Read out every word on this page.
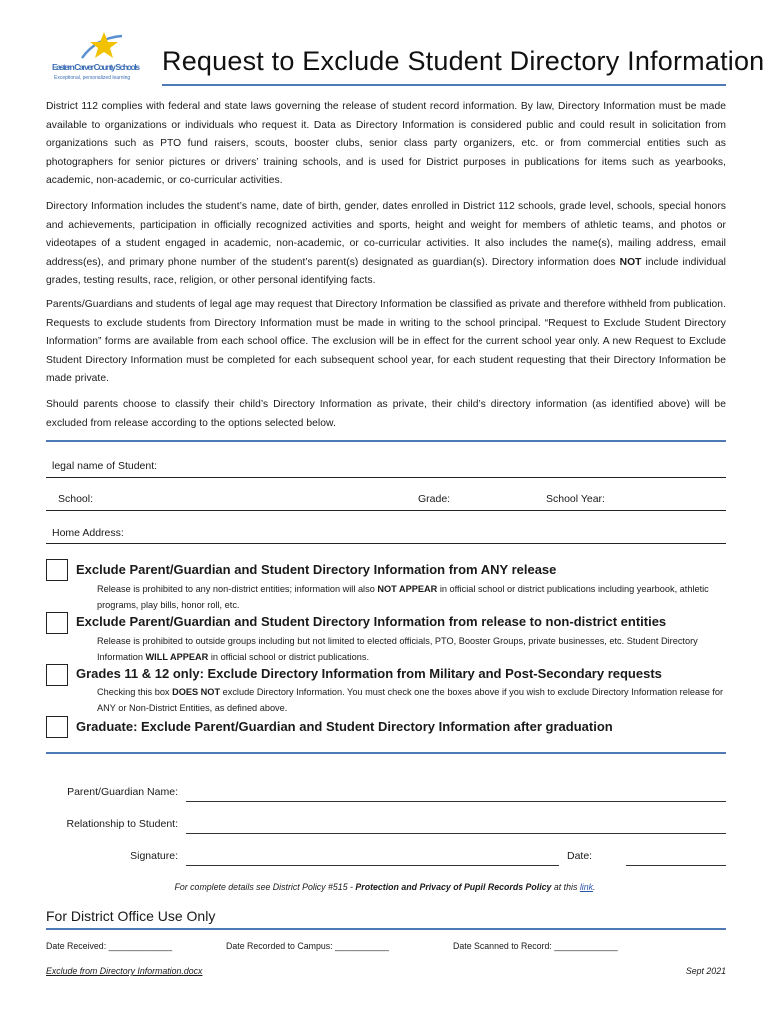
Eastern Carver County Schools
Exceptional, personalized learning
Request to Exclude Student Directory Information
District 112 complies with federal and state laws governing the release of student record information. By law, Directory Information must be made available to organizations or individuals who request it. Data as Directory Information is considered public and could result in solicitation from organizations such as PTO fund raisers, scouts, booster clubs, senior class party organizers, etc. or from commercial entities such as photographers for senior pictures or drivers’ training schools, and is used for District purposes in publications for items such as yearbooks, academic, non-academic, or co-curricular activities.
Directory Information includes the student’s name, date of birth, gender, dates enrolled in District 112 schools, grade level, schools, special honors and achievements, participation in officially recognized activities and sports, height and weight for members of athletic teams, and photos or videotapes of a student engaged in academic, non-academic, or co-curricular activities. It also includes the name(s), mailing address, email address(es), and primary phone number of the student’s parent(s) designated as guardian(s). Directory information does NOT include individual grades, testing results, race, religion, or other personal identifying facts.
Parents/Guardians and students of legal age may request that Directory Information be classified as private and therefore withheld from publication. Requests to exclude students from Directory Information must be made in writing to the school principal. “Request to Exclude Student Directory Information” forms are available from each school office. The exclusion will be in effect for the current school year only. A new Request to Exclude Student Directory Information must be completed for each subsequent school year, for each student requesting that their Directory Information be made private.
Should parents choose to classify their child’s Directory Information as private, their child’s directory information (as identified above) will be excluded from release according to the options selected below.
legal name of Student:
School:	Grade:	School Year:
Home Address:
Exclude Parent/Guardian and Student Directory Information from ANY release
Release is prohibited to any non-district entities; information will also NOT APPEAR in official school or district publications including yearbook, athletic programs, play bills, honor roll, etc.
Exclude Parent/Guardian and Student Directory Information from release to non-district entities
Release is prohibited to outside groups including but not limited to elected officials, PTO, Booster Groups, private businesses, etc. Student Directory Information WILL APPEAR in official school or district publications.
Grades 11 & 12 only: Exclude Directory Information from Military and Post-Secondary requests
Checking this box DOES NOT exclude Directory Information. You must check one the boxes above if you wish to exclude Directory Information release for ANY or Non-District Entities, as defined above.
Graduate: Exclude Parent/Guardian and Student Directory Information after graduation
Parent/Guardian Name:
Relationship to Student:
Signature:	Date:
For complete details see District Policy #515 - Protection and Privacy of Pupil Records Policy at this link.
For District Office Use Only
Date Received: _____________	Date Recorded to Campus: ___________	Date Scanned to Record: _____________
Exclude from Directory Information.docx	Sept 2021
